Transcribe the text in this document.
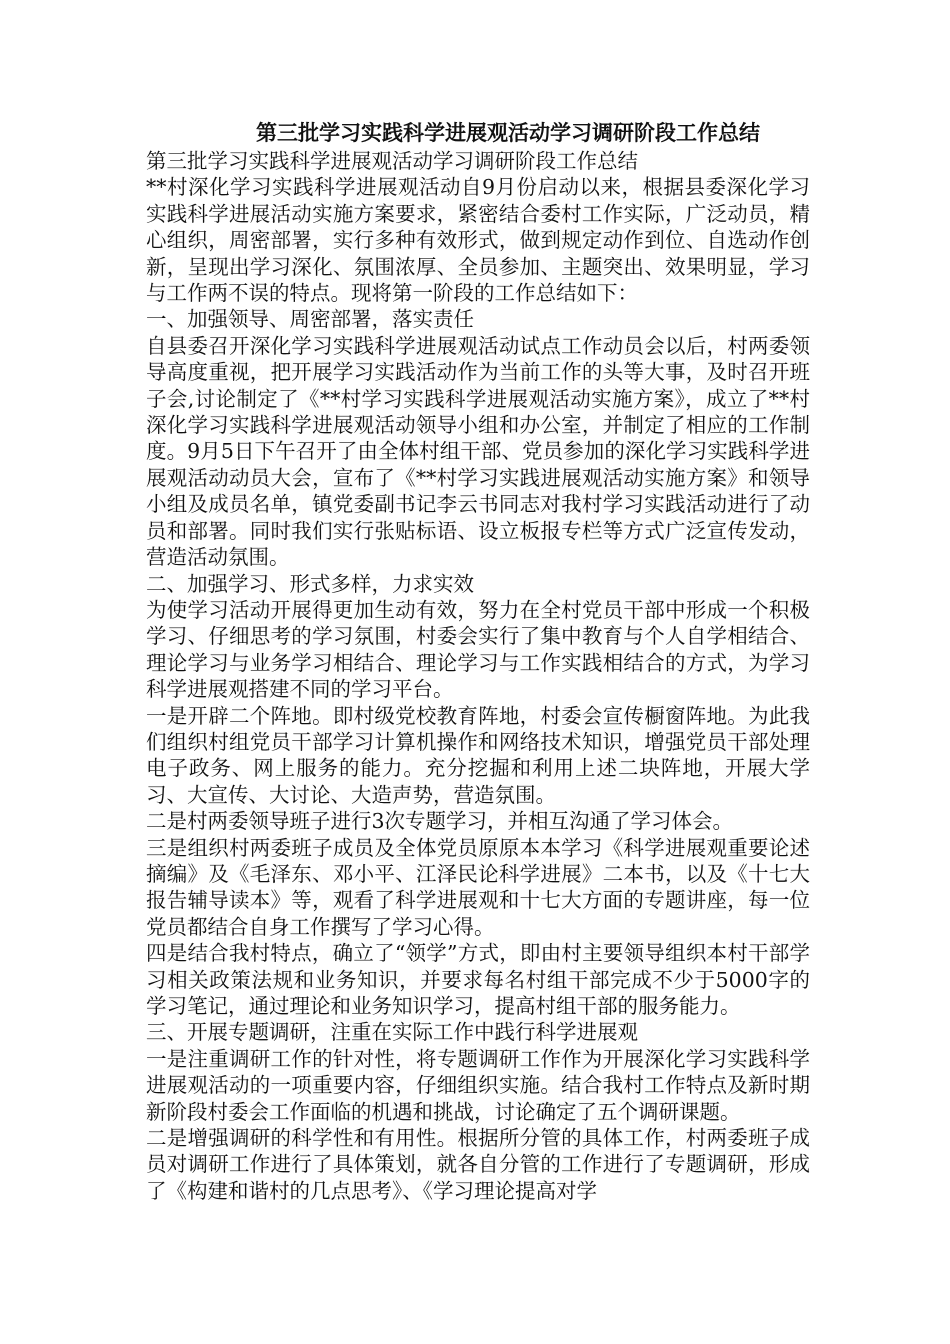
第三批学习实践科学进展观活动学习调研阶段工作总结

第三批学习实践科学进展观活动学习调研阶段工作总结

**村深化学习实践科学进展观活动自9月份启动以来，根据县委深化学习实践科学进展活动实施方案要求，紧密结合委村工作实际，广泛动员，精心组织，周密部署，实行多种有效形式，做到规定动作到位、自选动作创新，呈现出学习深化、氛围浓厚、全员参加、主题突出、效果明显，学习与工作两不误的特点。现将第一阶段的工作总结如下：

一、加强领导、周密部署，落实责任

自县委召开深化学习实践科学进展观活动试点工作动员会以后，村两委领导高度重视，把开展学习实践活动作为当前工作的头等大事，及时召开班子会,讨论制定了《**村学习实践科学进展观活动实施方案》，成立了**村深化学习实践科学进展观活动领导小组和办公室，并制定了相应的工作制度。9月5日下午召开了由全体村组干部、党员参加的深化学习实践科学进展观活动动员大会，宣布了《**村学习实践进展观活动实施方案》和领导小组及成员名单，镇党委副书记李云书同志对我村学习实践活动进行了动员和部署。同时我们实行张贴标语、设立板报专栏等方式广泛宣传发动，营造活动氛围。

二、加强学习、形式多样，力求实效

为使学习活动开展得更加生动有效，努力在全村党员干部中形成一个积极学习、仔细思考的学习氛围，村委会实行了集中教育与个人自学相结合、理论学习与业务学习相结合、理论学习与工作实践相结合的方式，为学习科学进展观搭建不同的学习平台。

一是开辟二个阵地。即村级党校教育阵地，村委会宣传橱窗阵地。为此我们组织村组党员干部学习计算机操作和网络技术知识，增强党员干部处理电子政务、网上服务的能力。充分挖掘和利用上述二块阵地，开展大学习、大宣传、大讨论、大造声势，营造氛围。

二是村两委领导班子进行3次专题学习，并相互沟通了学习体会。

三是组织村两委班子成员及全体党员原原本本学习《科学进展观重要论述摘编》及《毛泽东、邓小平、江泽民论科学进展》二本书，以及《十七大报告辅导读本》等，观看了科学进展观和十七大方面的专题讲座，每一位党员都结合自身工作撰写了学习心得。

四是结合我村特点，确立了“领学”方式，即由村主要领导组织本村干部学习相关政策法规和业务知识，并要求每名村组干部完成不少于5000字的学习笔记，通过理论和业务知识学习，提高村组干部的服务能力。

三、开展专题调研，注重在实际工作中践行科学进展观

一是注重调研工作的针对性，将专题调研工作作为开展深化学习实践科学进展观活动的一项重要内容，仔细组织实施。结合我村工作特点及新时期新阶段村委会工作面临的机遇和挑战，讨论确定了五个调研课题。

二是增强调研的科学性和有用性。根据所分管的具体工作，村两委班子成员对调研工作进行了具体策划，就各自分管的工作进行了专题调研，形成了《构建和谐村的几点思考》、《学习理论提高对学
